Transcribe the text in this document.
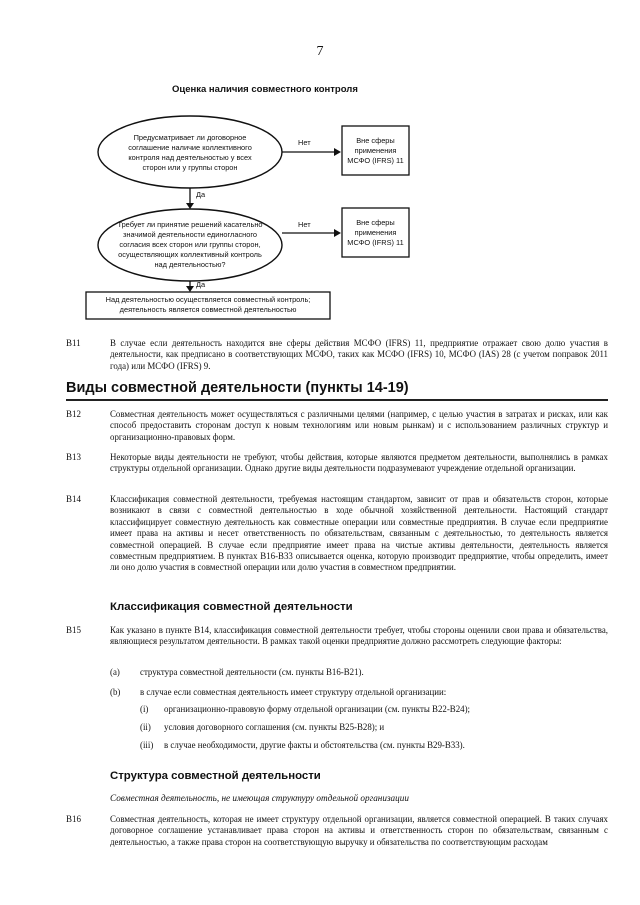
7
Оценка наличия совместного контроля
Предусматривает ли договорное
соглашение наличие коллективного
контроля над деятельностью у всех
сторон или у группы сторон
Требует ли принятие решений касательно
значимой деятельности единогласного
согласия всех сторон или группы сторон,
осуществляющих коллективный контроль
над деятельностью?
Нет
Нет
Да
Да
Вне сферы
применения
МСФО (IFRS) 11
Вне сферы
применения
МСФО (IFRS) 11
Над деятельностью осуществляется совместный контроль;
деятельность является совместной деятельностью
B11	В случае если деятельность находится вне сферы действия МСФО (IFRS) 11, предприятие отражает свою долю участия в деятельности, как предписано в соответствующих МСФО, таких как МСФО (IFRS) 10, МСФО (IAS) 28 (с учетом поправок 2011 года) или МСФО (IFRS) 9.
Виды совместной деятельности (пункты 14-19)
B12	Совместная деятельность может осуществляться с различными целями (например, с целью участия в затратах и рисках, или как способ предоставить сторонам доступ к новым технологиям или новым рынкам) и с использованием различных структур и организационно-правовых форм.
B13	Некоторые виды деятельности не требуют, чтобы действия, которые являются предметом деятельности, выполнялись в рамках структуры отдельной организации. Однако другие виды деятельности подразумевают учреждение отдельной организации.
B14	Классификация совместной деятельности, требуемая настоящим стандартом, зависит от прав и обязательств сторон, которые возникают в связи с совместной деятельностью в ходе обычной хозяйственной деятельности. Настоящий стандарт классифицирует совместную деятельность как совместные операции или совместные предприятия. В случае если предприятие имеет права на активы и несет ответственность по обязательствам, связанным с деятельностью, то деятельность является совместной операцией. В случае если предприятие имеет права на чистые активы деятельности, деятельность является совместным предприятием. В пунктах B16-B33 описывается оценка, которую производит предприятие, чтобы определить, имеет ли оно долю участия в совместной операции или долю участия в совместном предприятии.
Классификация совместной деятельности
B15	Как указано в пункте B14, классификация совместной деятельности требует, чтобы стороны оценили свои права и обязательства, являющиеся результатом деятельности. В рамках такой оценки предприятие должно рассмотреть следующие факторы:
(a) структура совместной деятельности (см. пункты B16-B21).
(b) в случае если совместная деятельность имеет структуру отдельной организации:
(i) организационно-правовую форму отдельной организации (см. пункты B22-B24);
(ii) условия договорного соглашения (см. пункты B25-B28); и
(iii) в случае необходимости, другие факты и обстоятельства (см. пункты B29-B33).
Структура совместной деятельности
Совместная деятельность, не имеющая структуру отдельной организации
B16	Совместная деятельность, которая не имеет структуру отдельной организации, является совместной операцией. В таких случаях договорное соглашение устанавливает права сторон на активы и ответственность сторон по обязательствам, связанным с деятельностью, а также права сторон на соответствующую выручку и обязательства по соответствующим расходам
